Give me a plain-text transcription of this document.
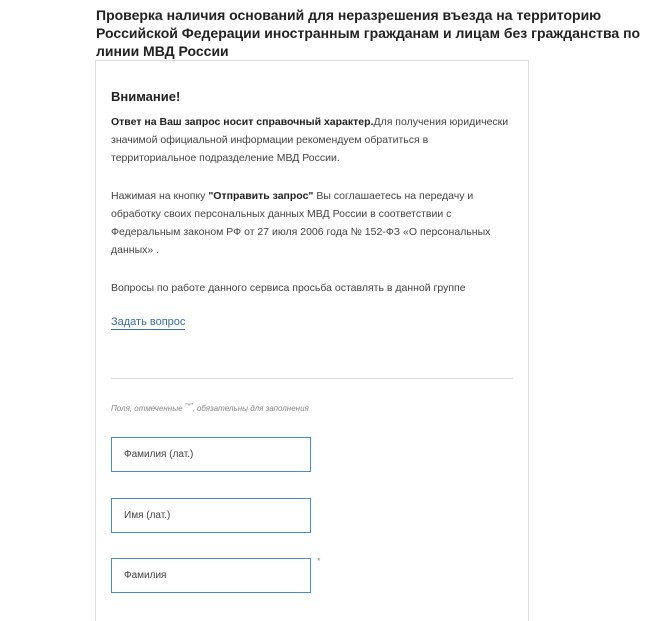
Проверка наличия оснований для неразрешения въезда на территорию Российской Федерации иностранным гражданам и лицам без гражданства по линии МВД России
Внимание!
Ответ на Ваш запрос носит справочный характер.Для получения юридически значимой официальной информации рекомендуем обратиться в территориальное подразделение МВД России.
Нажимая на кнопку "Отправить запрос" Вы соглашаетесь на передачу и обработку своих персональных данных МВД России в соответствии с Федеральным законом РФ от 27 июля 2006 года № 152-ФЗ «О персональных данных» .
Вопросы по работе данного сервиса просьба оставлять в данной группе
Задать вопрос
Поля, отмеченные "*", обязательны для заполнения
Фамилия (лат.)
Имя (лат.)
Фамилия
*
